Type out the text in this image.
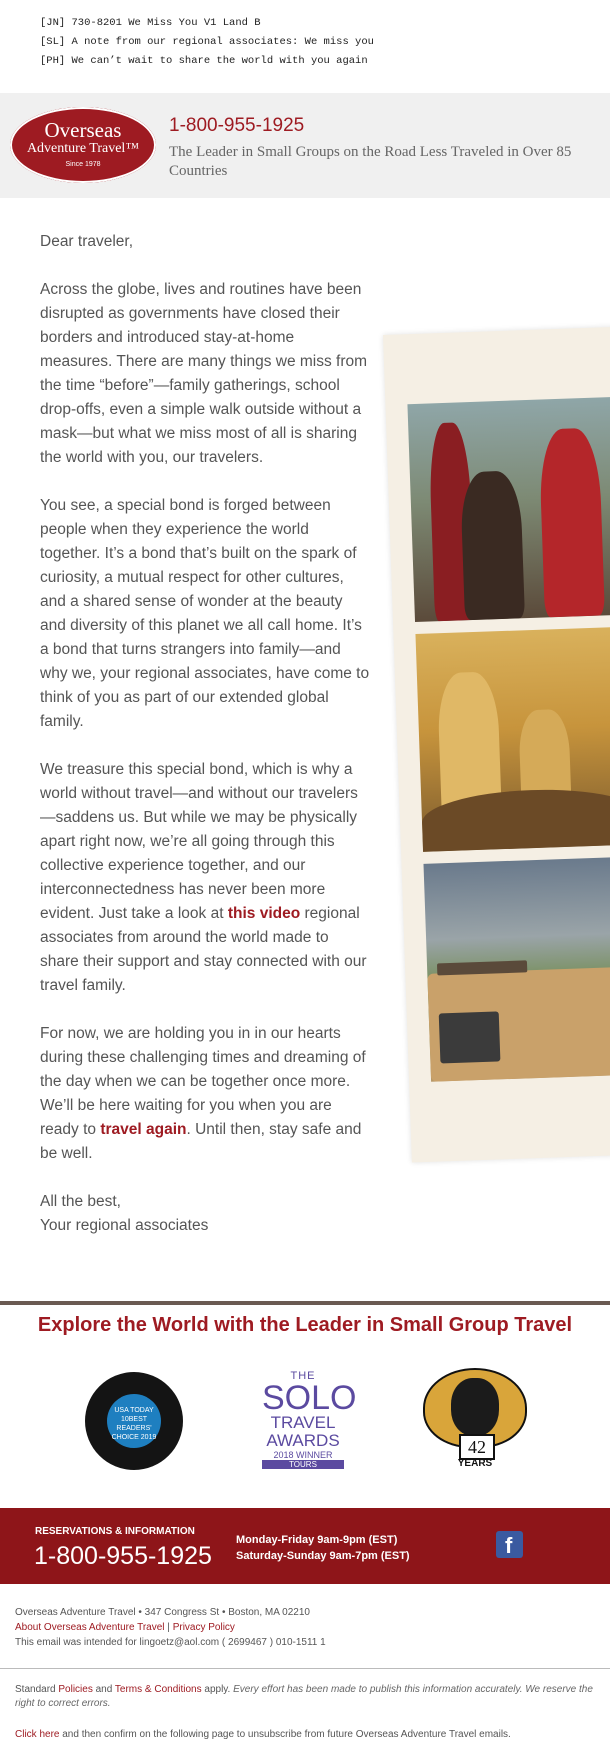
[JN] 730-8201 We Miss You V1 Land B
[SL] A note from our regional associates: We miss you
[PH] We can’t wait to share the world with you again
Overseas
Adventure Travel™
Since 1978
1-800-955-1925
The Leader in Small Groups on the Road Less Traveled in Over 85 Countries

Dear traveler,

Across the globe, lives and routines have been disrupted as governments have closed their borders and introduced stay-at-home measures. There are many things we miss from the time “before”—family gatherings, school drop-offs, even a simple walk outside without a mask—but what we miss most of all is sharing the world with you, our travelers.

You see, a special bond is forged between people when they experience the world together. It’s a bond that’s built on the spark of curiosity, a mutual respect for other cultures, and a shared sense of wonder at the beauty and diversity of this planet we all call home. It’s a bond that turns strangers into family—and why we, your regional associates, have come to think of you as part of our extended global family.

We treasure this special bond, which is why a world without travel—and without our travelers—saddens us. But while we may be physically apart right now, we’re all going through this collective experience together, and our interconnectedness has never been more evident. Just take a look at this video regional associates from around the world made to share their support and stay connected with our travel family.

For now, we are holding you in in our hearts during these challenging times and dreaming of the day when we can be together once more. We’ll be here waiting for you when you are ready to travel again. Until then, stay safe and be well.

All the best,
Your regional associates

Explore the World with the Leader in Small Group Travel
USA TODAY 10BEST READERS' CHOICE 2019
THE
SOLO
TRAVEL
AWARDS
2018 WINNER
TOURS
42
YEARS
RESERVATIONS & INFORMATION
1-800-955-1925
Monday-Friday 9am-9pm (EST)
Saturday-Sunday 9am-7pm (EST)	f
Overseas Adventure Travel • 347 Congress St • Boston, MA 02210
About Overseas Adventure Travel | Privacy Policy
This email was intended for lingoetz@aol.com ( 2699467 ) 010-1511 1
Standard Policies and Terms & Conditions apply. Every effort has been made to publish this information accurately. We reserve the right to correct errors.
Click here and then confirm on the following page to unsubscribe from future Overseas Adventure Travel emails.
